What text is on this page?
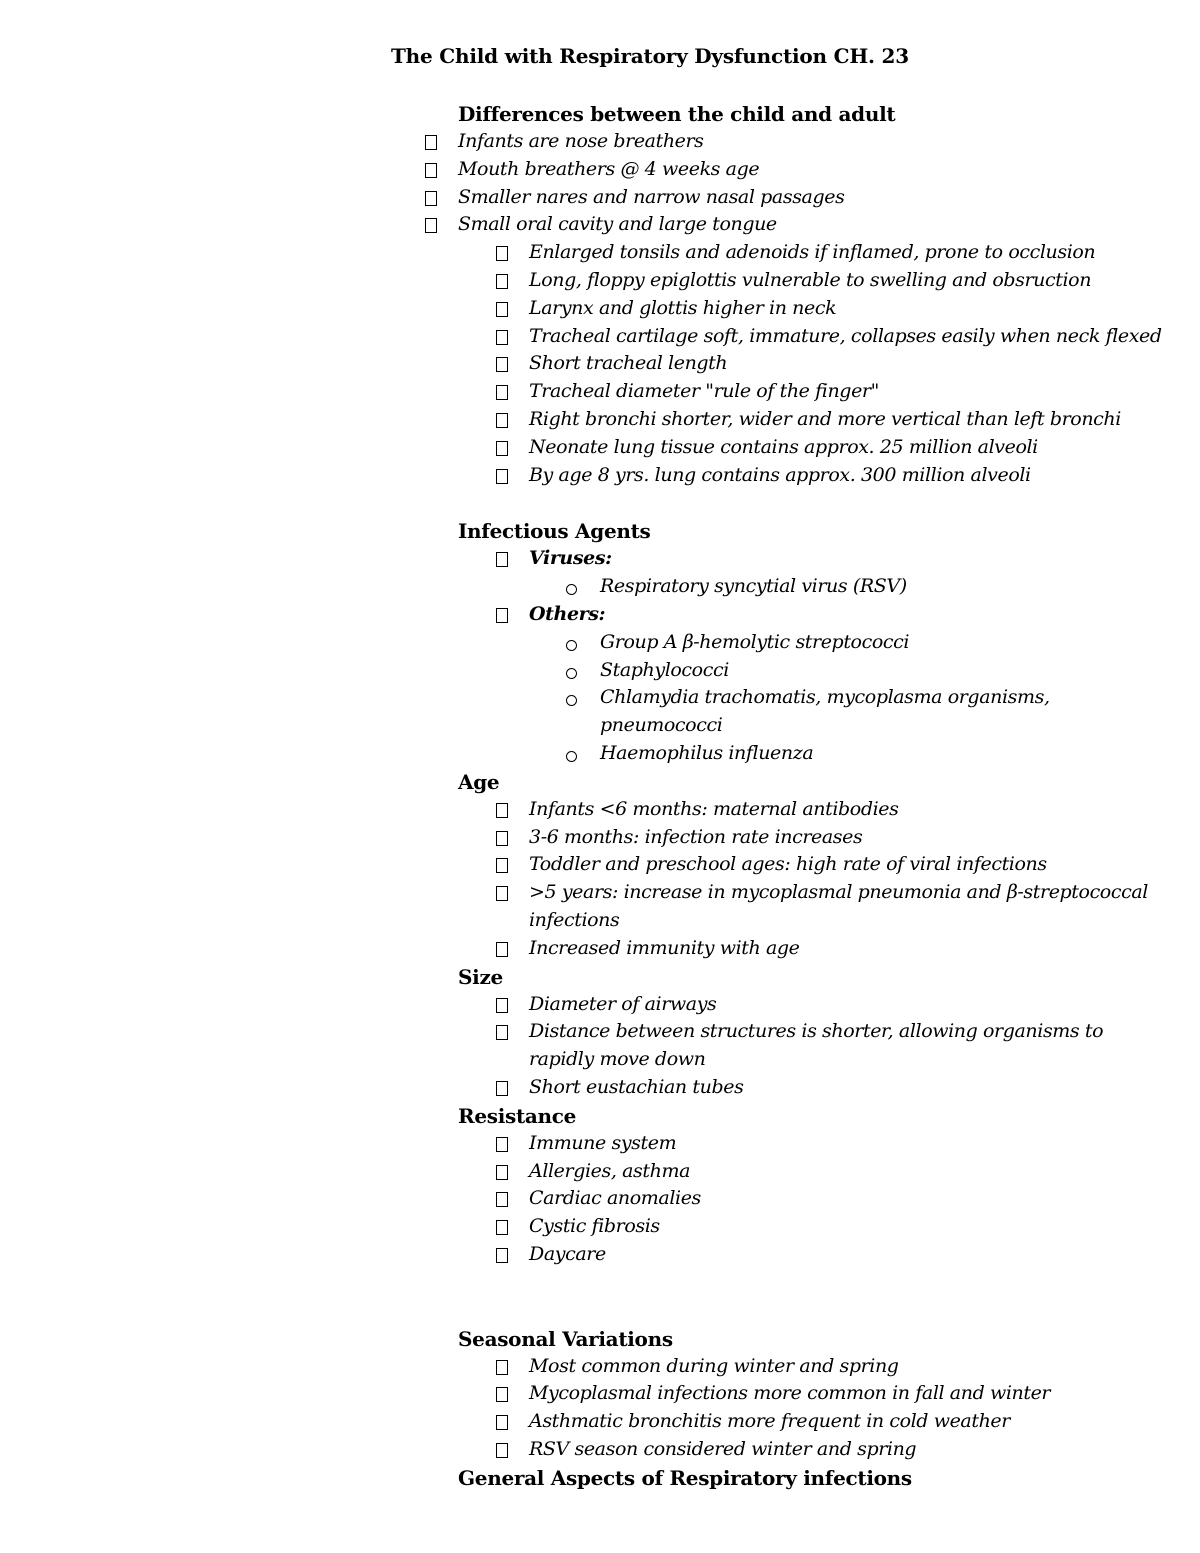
The Child with Respiratory Dysfunction CH. 23
Differences between the child and adult
Infants are nose breathers
Mouth breathers @ 4 weeks age
Smaller nares and narrow nasal passages
Small oral cavity and large tongue
Enlarged tonsils and adenoids if inflamed, prone to occlusion
Long, floppy epiglottis vulnerable to swelling and obsruction
Larynx and glottis higher in neck
Tracheal cartilage soft, immature, collapses easily when neck flexed
Short tracheal length
Tracheal diameter "rule of the finger"
Right bronchi shorter, wider and more vertical than left bronchi
Neonate lung tissue contains approx. 25 million alveoli
By age 8 yrs. lung contains approx. 300 million alveoli
Infectious Agents
Viruses:
Respiratory syncytial virus (RSV)
Others:
Group A β-hemolytic streptococci
Staphylococci
Chlamydia trachomatis, mycoplasma organisms,
pneumococci
Haemophilus influenza
Age
Infants <6 months: maternal antibodies
3-6 months: infection rate increases
Toddler and preschool ages: high rate of viral infections
>5 years: increase in mycoplasmal pneumonia and β-streptococcal
infections
Increased immunity with age
Size
Diameter of airways
Distance between structures is shorter, allowing organisms to
rapidly move down
Short eustachian tubes
Resistance
Immune system
Allergies, asthma
Cardiac anomalies
Cystic fibrosis
Daycare
Seasonal Variations
Most common during winter and spring
Mycoplasmal infections more common in fall and winter
Asthmatic bronchitis more frequent in cold weather
RSV season considered winter and spring
General Aspects of Respiratory infections
